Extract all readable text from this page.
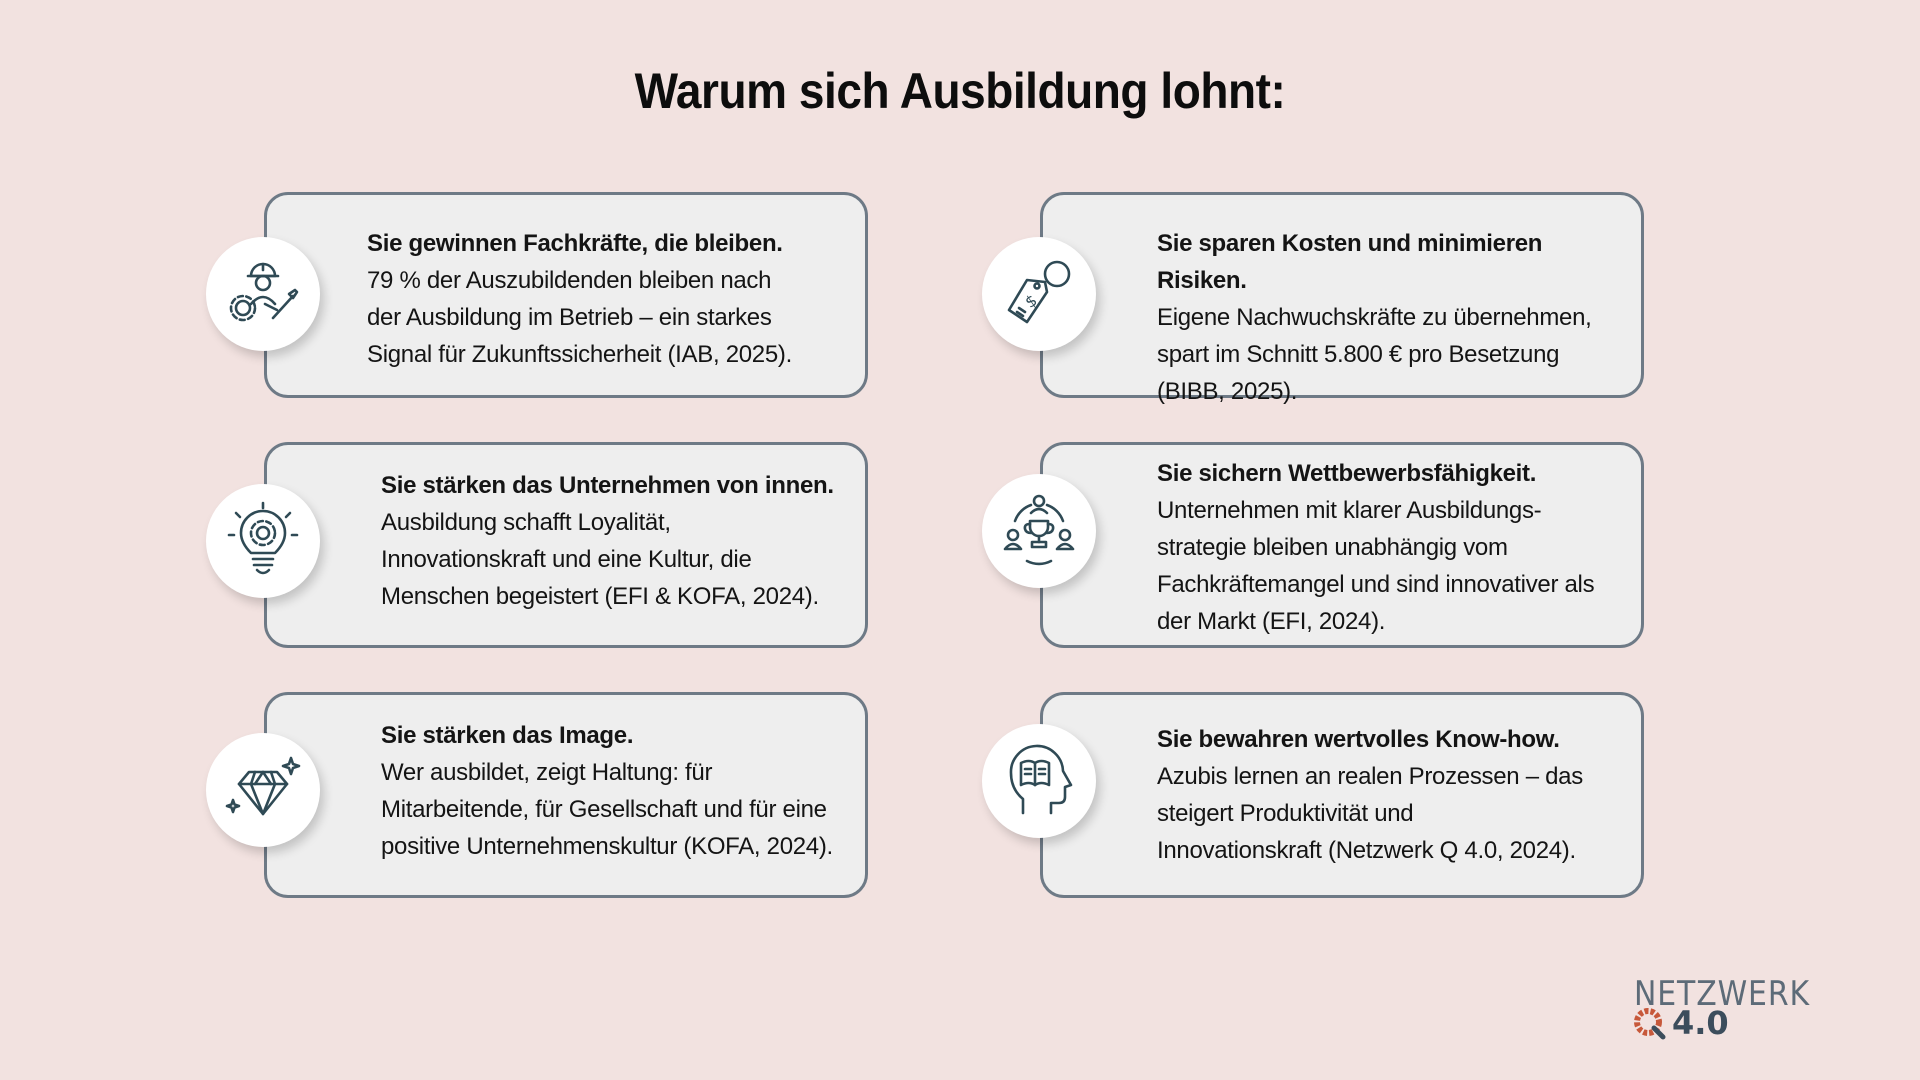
Warum sich Ausbildung lohnt:
Sie gewinnen Fachkräfte, die bleiben.
79 % der Auszubildenden bleiben nach
der Ausbildung im Betrieb – ein starkes
Signal für Zukunftssicherheit (IAB, 2025).
Sie sparen Kosten und minimieren Risiken.
Eigene Nachwuchskräfte zu übernehmen,
spart im Schnitt 5.800 € pro Besetzung
(BIBB, 2025).
$
Sie stärken das Unternehmen von innen.
Ausbildung schafft Loyalität,
Innovationskraft und eine Kultur, die
Menschen begeistert (EFI & KOFA, 2024).
Sie sichern Wettbewerbsfähigkeit.
Unternehmen mit klarer Ausbildungs-
strategie bleiben unabhängig vom
Fachkräftemangel und sind innovativer als
der Markt (EFI, 2024).
Sie stärken das Image.
Wer ausbildet, zeigt Haltung: für
Mitarbeitende, für Gesellschaft und für eine
positive Unternehmenskultur (KOFA, 2024).
Sie bewahren wertvolles Know-how.
Azubis lernen an realen Prozessen – das
steigert Produktivität und
Innovationskraft (Netzwerk Q 4.0, 2024).
NETZWERK
4.0
